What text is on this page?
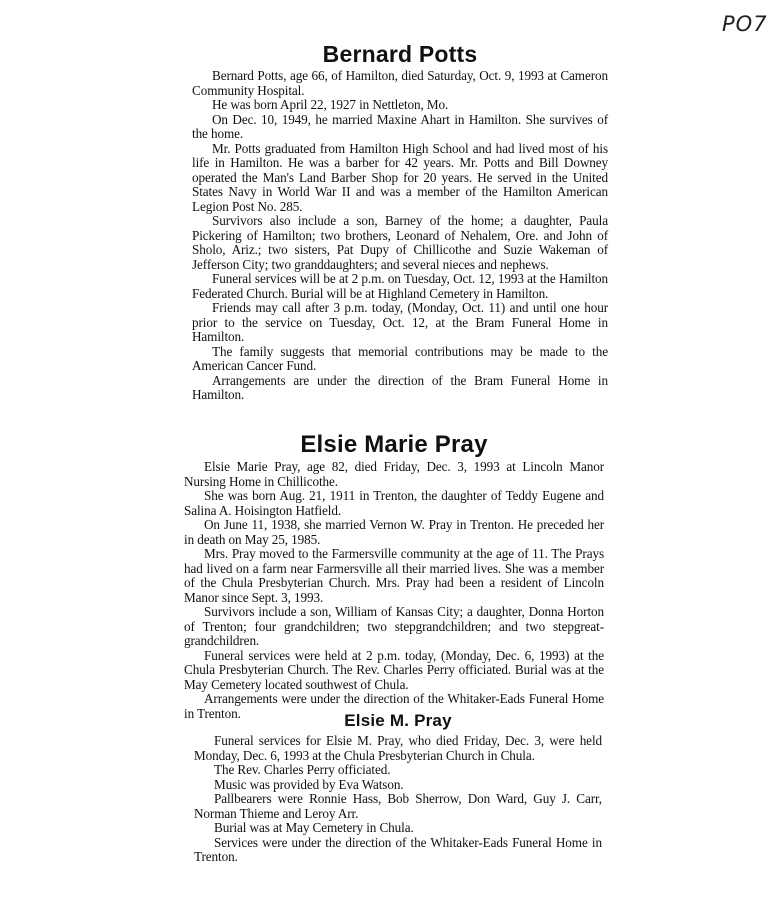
PO7
Bernard Potts

Bernard Potts, age 66, of Hamilton, died Saturday, Oct. 9, 1993 at Cameron Community Hospital.

He was born April 22, 1927 in Nettleton, Mo.

On Dec. 10, 1949, he married Maxine Ahart in Hamilton. She survives of the home.

Mr. Potts graduated from Hamilton High School and had lived most of his life in Hamilton. He was a barber for 42 years. Mr. Potts and Bill Downey operated the Man's Land Barber Shop for 20 years. He served in the United States Navy in World War II and was a member of the Hamilton American Legion Post No. 285.

Survivors also include a son, Barney of the home; a daughter, Paula Pickering of Hamilton; two brothers, Leonard of Nehalem, Ore. and John of Sholo, Ariz.; two sisters, Pat Dupy of Chillicothe and Suzie Wakeman of Jefferson City; two granddaughters; and several nieces and nephews.

Funeral services will be at 2 p.m. on Tuesday, Oct. 12, 1993 at the Hamilton Federated Church. Burial will be at Highland Cemetery in Hamilton.

Friends may call after 3 p.m. today, (Monday, Oct. 11) and until one hour prior to the service on Tuesday, Oct. 12, at the Bram Funeral Home in Hamilton.

The family suggests that memorial contributions may be made to the American Cancer Fund.

Arrangements are under the direction of the Bram Funeral Home in Hamilton.

Elsie Marie Pray

Elsie Marie Pray, age 82, died Friday, Dec. 3, 1993 at Lincoln Manor Nursing Home in Chillicothe.

She was born Aug. 21, 1911 in Trenton, the daughter of Teddy Eugene and Salina A. Hoisington Hatfield.

On June 11, 1938, she married Vernon W. Pray in Trenton. He preceded her in death on May 25, 1985.

Mrs. Pray moved to the Farmersville community at the age of 11. The Prays had lived on a farm near Farmersville all their married lives. She was a member of the Chula Presbyterian Church. Mrs. Pray had been a resident of Lincoln Manor since Sept. 3, 1993.

Survivors include a son, William of Kansas City; a daughter, Donna Horton of Trenton; four grandchildren; two stepgrandchildren; and two stepgreat-grandchildren.

Funeral services were held at 2 p.m. today, (Monday, Dec. 6, 1993) at the Chula Presbyterian Church. The Rev. Charles Perry officiated. Burial was at the May Cemetery located southwest of Chula.

Arrangements were under the direction of the Whitaker-Eads Funeral Home in Trenton.	Elsie M. Pray

Funeral services for Elsie M. Pray, who died Friday, Dec. 3, were held Monday, Dec. 6, 1993 at the Chula Presbyterian Church in Chula.

The Rev. Charles Perry officiated.

Music was provided by Eva Watson.

Pallbearers were Ronnie Hass, Bob Sherrow, Don Ward, Guy J. Carr, Norman Thieme and Leroy Arr.

Burial was at May Cemetery in Chula.

Services were under the direction of the Whitaker-Eads Funeral Home in Trenton.
